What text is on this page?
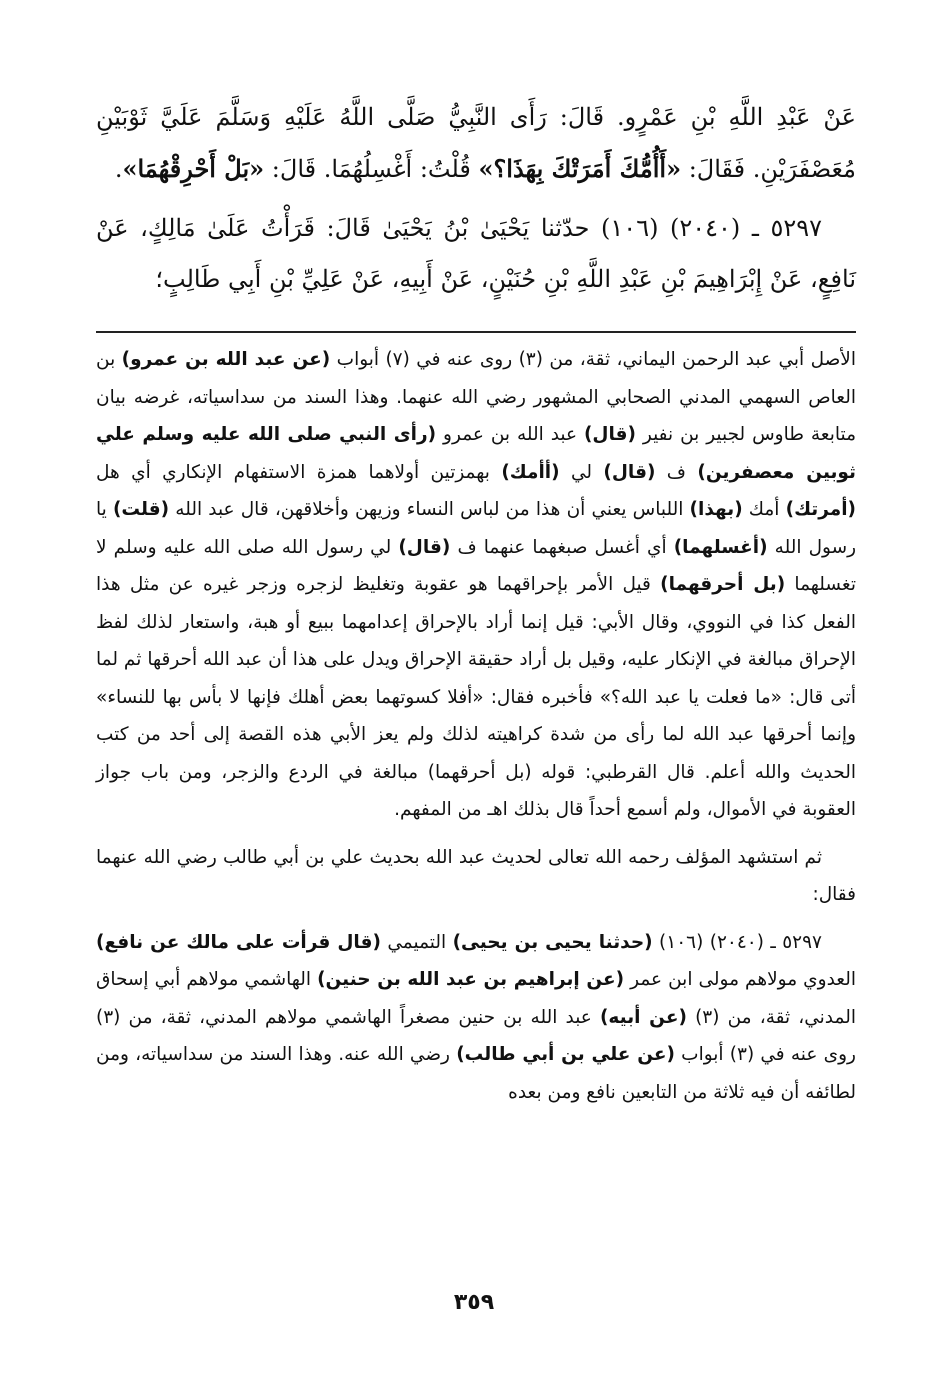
عَنْ عَبْدِ اللَّهِ بْنِ عَمْرٍو. قَالَ: رَأَى النَّبِيُّ صَلَّى اللَّهُ عَلَيْهِ وَسَلَّمَ عَلَيَّ ثَوْبَيْنِ مُعَصْفَرَيْنِ. فَقَالَ: «أَأُمُّكَ أَمَرَتْكَ بِهَذَا؟» قُلْتُ: أَغْسِلُهُمَا. قَالَ: «بَلْ أَحْرِقْهُمَا».

٥٢٩٧ ـ (٢٠٤٠) (١٠٦) حدّثنا يَحْيَىٰ بْنُ يَحْيَىٰ قَالَ: قَرَأْتُ عَلَىٰ مَالِكٍ، عَنْ نَافِعٍ، عَنْ إِبْرَاهِيمَ بْنِ عَبْدِ اللَّهِ بْنِ حُنَيْنٍ، عَنْ أَبِيهِ، عَنْ عَلِيِّ بْنِ أَبِي طَالِبٍ؛

الأصل أبي عبد الرحمن اليماني، ثقة، من (٣) روى عنه في (٧) أبواب (عن عبد الله بن عمرو) بن العاص السهمي المدني الصحابي المشهور رضي الله عنهما. وهذا السند من سداسياته، غرضه بيان متابعة طاوس لجبير بن نفير (قال) عبد الله بن عمرو (رأى النبي صلى الله عليه وسلم علي ثوبين معصفرين) ف (قال) لي (أأمك) بهمزتين أولاهما همزة الاستفهام الإنكاري أي هل (أمرتك) أمك (بهذا) اللباس يعني أن هذا من لباس النساء وزيهن وأخلاقهن، قال عبد الله (قلت) يا رسول الله (أغسلهما) أي أغسل صبغهما عنهما ف (قال) لي رسول الله صلى الله عليه وسلم لا تغسلهما (بل أحرقهما) قيل الأمر بإحراقهما هو عقوبة وتغليظ لزجره وزجر غيره عن مثل هذا الفعل كذا في النووي، وقال الأبي: قيل إنما أراد بالإحراق إعدامهما ببيع أو هبة، واستعار لذلك لفظ الإحراق مبالغة في الإنكار عليه، وقيل بل أراد حقيقة الإحراق ويدل على هذا أن عبد الله أحرقها ثم لما أتى قال: «ما فعلت يا عبد الله؟» فأخبره فقال: «أفلا كسوتهما بعض أهلك فإنها لا بأس بها للنساء» وإنما أحرقها عبد الله لما رأى من شدة كراهيته لذلك ولم يعز الأبي هذه القصة إلى أحد من كتب الحديث والله أعلم. قال القرطبي: قوله (بل أحرقهما) مبالغة في الردع والزجر، ومن باب جواز العقوبة في الأموال، ولم أسمع أحداً قال بذلك اهـ من المفهم.

ثم استشهد المؤلف رحمه الله تعالى لحديث عبد الله بحديث علي بن أبي طالب رضي الله عنهما فقال:

٥٢٩٧ ـ (٢٠٤٠) (١٠٦) (حدثنا يحيى بن يحيى) التميمي (قال قرأت على مالك عن نافع) العدوي مولاهم مولى ابن عمر (عن إبراهيم بن عبد الله بن حنين) الهاشمي مولاهم أبي إسحاق المدني، ثقة، من (٣) (عن أبيه) عبد الله بن حنين مصغراً الهاشمي مولاهم المدني، ثقة، من (٣) روى عنه في (٣) أبواب (عن علي بن أبي طالب) رضي الله عنه. وهذا السند من سداسياته، ومن لطائفه أن فيه ثلاثة من التابعين نافع ومن بعده

٣٥٩
